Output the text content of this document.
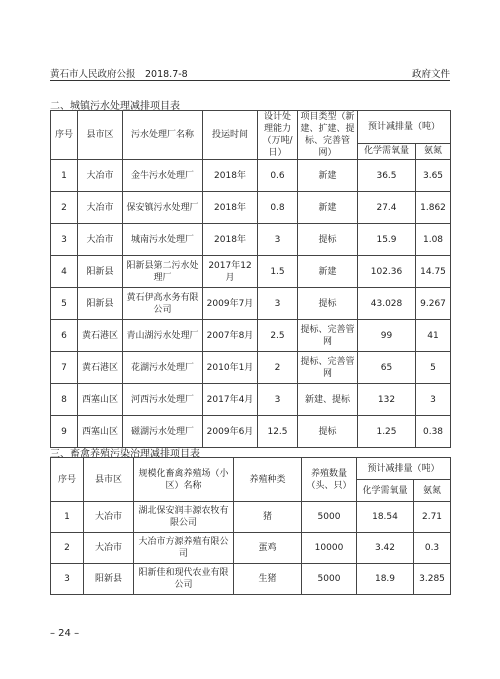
黄石市人民政府公报　2018.7-8	政府文件
二、城镇污水处理减排项目表
序号	县市区	污水处理厂名称	投运时间	设计处理能力（万吨/日）	项目类型（新建、扩建、提标、完善管网）	预计减排量（吨）	
						化学需氧量	氨氮
1	大冶市	金牛污水处理厂	2018年	0.6	新建	36.5	3.65
2	大冶市	保安镇污水处理厂	2018年	0.8	新建	27.4	1.862
3	大冶市	城南污水处理厂	2018年	3	提标	15.9	1.08
4	阳新县	阳新县第二污水处理厂	2017年12月	1.5	新建	102.36	14.75
5	阳新县	黄石伊高水务有限公司	2009年7月	3	提标	43.028	9.267
6	黄石港区	青山湖污水处理厂	2007年8月	2.5	提标、完善管网	99	41
7	黄石港区	花湖污水处理厂	2010年1月	2	提标、完善管网	65	5
8	西塞山区	河西污水处理厂	2017年4月	3	新建、提标	132	3
9	西塞山区	磁湖污水处理厂	2009年6月	12.5	提标	1.25	0.38
三、畜禽养殖污染治理减排项目表
序号	县市区	规模化畜禽养殖场（小区）名称	养殖种类	养殖数量（头、只）	预计减排量（吨）	
					化学需氧量	氨氮
1	大冶市	湖北保安润丰源农牧有限公司	猪	5000	18.54	2.71
2	大冶市	大冶市方源养殖有限公司	蛋鸡	10000	3.42	0.3
3	阳新县	阳新佳和现代农业有限公司	生猪	5000	18.9	3.285
– 24 –
